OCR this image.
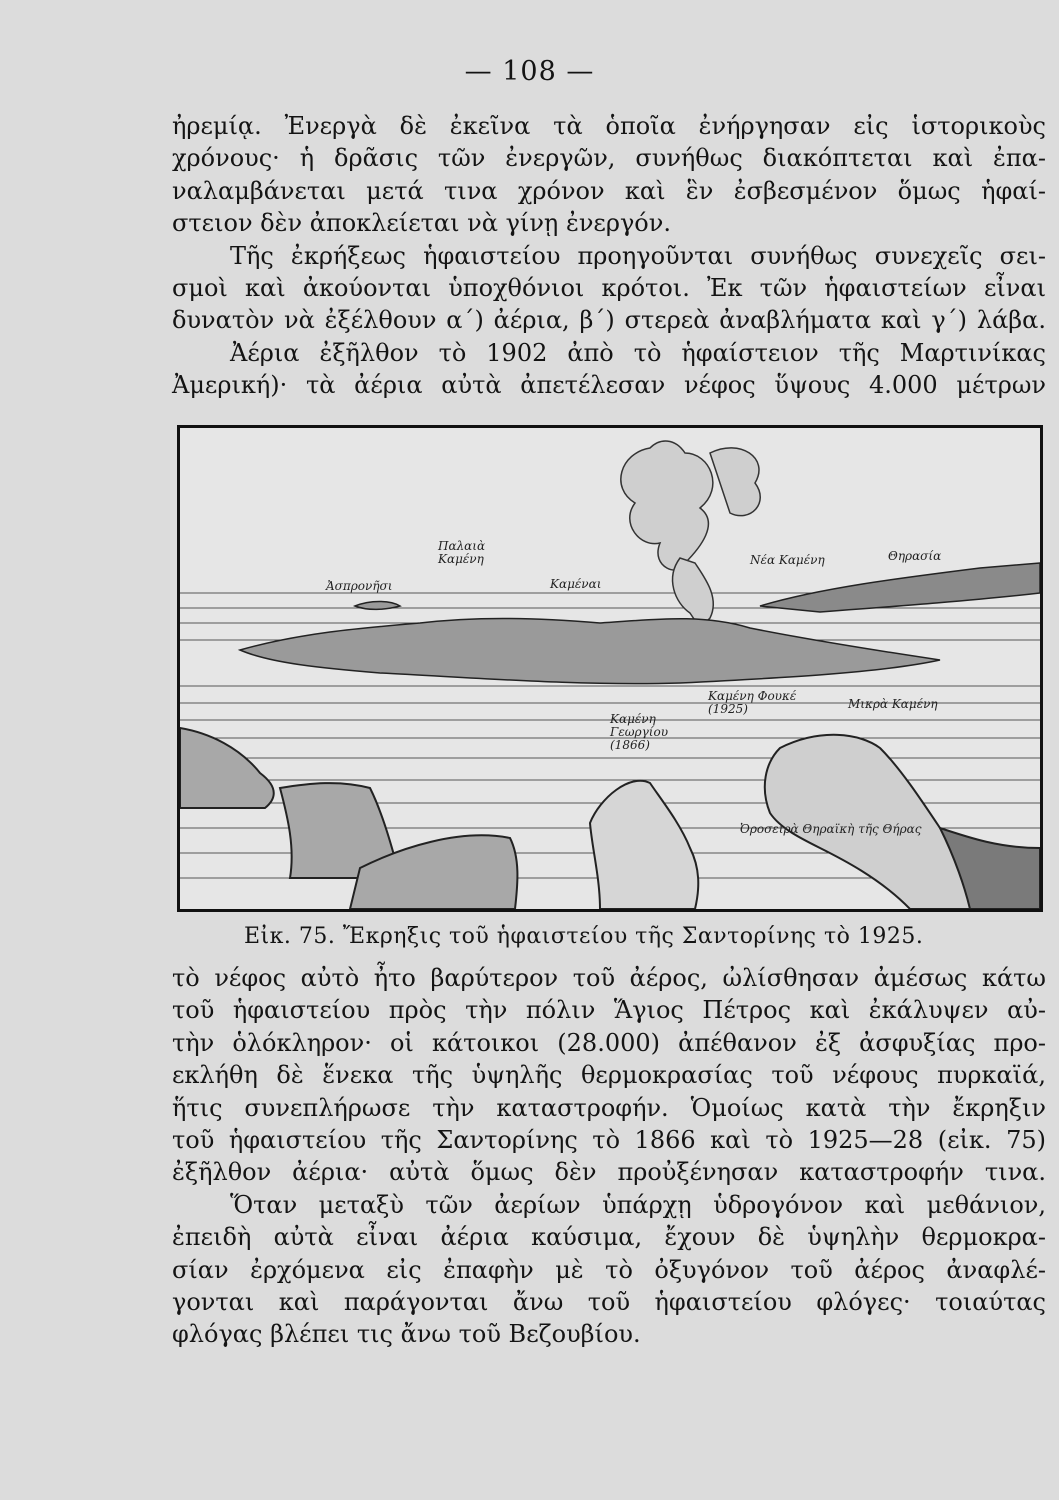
— 108 —
ἠρεμίᾳ. Ἐνεργὰ δὲ ἐκεῖνα τὰ ὁποῖα ἐνήργησαν εἰς ἱστορικοὺς
χρόνους· ἡ δρᾶσις τῶν ἐνεργῶν, συνήθως διακόπτεται καὶ ἐπα-
ναλαμβάνεται μετά τινα χρόνον καὶ ἓν ἐσβεσμένον ὅμως ἡφαί-
στειον δὲν ἀποκλείεται νὰ γίνῃ ἐνεργόν.
Τῆς ἐκρήξεως ἡφαιστείου προηγοῦνται συνήθως συνεχεῖς σει-
σμοὶ καὶ ἀκούονται ὑποχθόνιοι κρότοι. Ἐκ τῶν ἡφαιστείων εἶναι
δυνατὸν νὰ ἐξέλθουν α΄) ἀέρια, β΄) στερεὰ ἀναβλήματα καὶ γ΄) λάβα.
Ἀέρια ἐξῆλθον τὸ 1902 ἀπὸ τὸ ἡφαίστειον τῆς Μαρτινίκας
Ἀμερική)· τὰ ἀέρια αὐτὰ ἀπετέλεσαν νέφος ὕψους 4.000 μέτρων
Παλαιὰ Καμένη
Ἀσπρονῆσι	Καμέναι
Νέα Καμένη	Θηρασία
Καμένη Φουκέ (1925)	Μικρὰ Καμένη
Καμένη Γεωργίου (1866)
Ὀροσειρὰ Θηραϊκὴ τῆς Θήρας
Εἰκ. 75. Ἔκρηξις τοῦ ἡφαιστείου τῆς Σαντορίνης τὸ 1925.
τὸ νέφος αὐτὸ ἦτο βαρύτερον τοῦ ἀέρος, ὠλίσθησαν ἀμέσως κάτω
τοῦ ἡφαιστείου πρὸς τὴν πόλιν Ἅγιος Πέτρος καὶ ἐκάλυψεν αὐ-
τὴν ὁλόκληρον· οἱ κάτοικοι (28.000) ἀπέθανον ἐξ ἀσφυξίας προ-
εκλήθη δὲ ἕνεκα τῆς ὑψηλῆς θερμοκρασίας τοῦ νέφους πυρκαϊά,
ἥτις συνεπλήρωσε τὴν καταστροφήν. Ὁμοίως κατὰ τὴν ἔκρηξιν
τοῦ ἡφαιστείου τῆς Σαντορίνης τὸ 1866 καὶ τὸ 1925—28 (εἰκ. 75)
ἐξῆλθον ἀέρια· αὐτὰ ὅμως δὲν προὐξένησαν καταστροφήν τινα.
Ὅταν μεταξὺ τῶν ἀερίων ὑπάρχῃ ὑδρογόνον καὶ μεθάνιον,
ἐπειδὴ αὐτὰ εἶναι ἀέρια καύσιμα, ἔχουν δὲ ὑψηλὴν θερμοκρα-
σίαν ἐρχόμενα εἰς ἐπαφὴν μὲ τὸ ὀξυγόνον τοῦ ἀέρος ἀναφλέ-
γονται καὶ παράγονται ἄνω τοῦ ἡφαιστείου φλόγες· τοιαύτας
φλόγας βλέπει τις ἄνω τοῦ Βεζουβίου.
